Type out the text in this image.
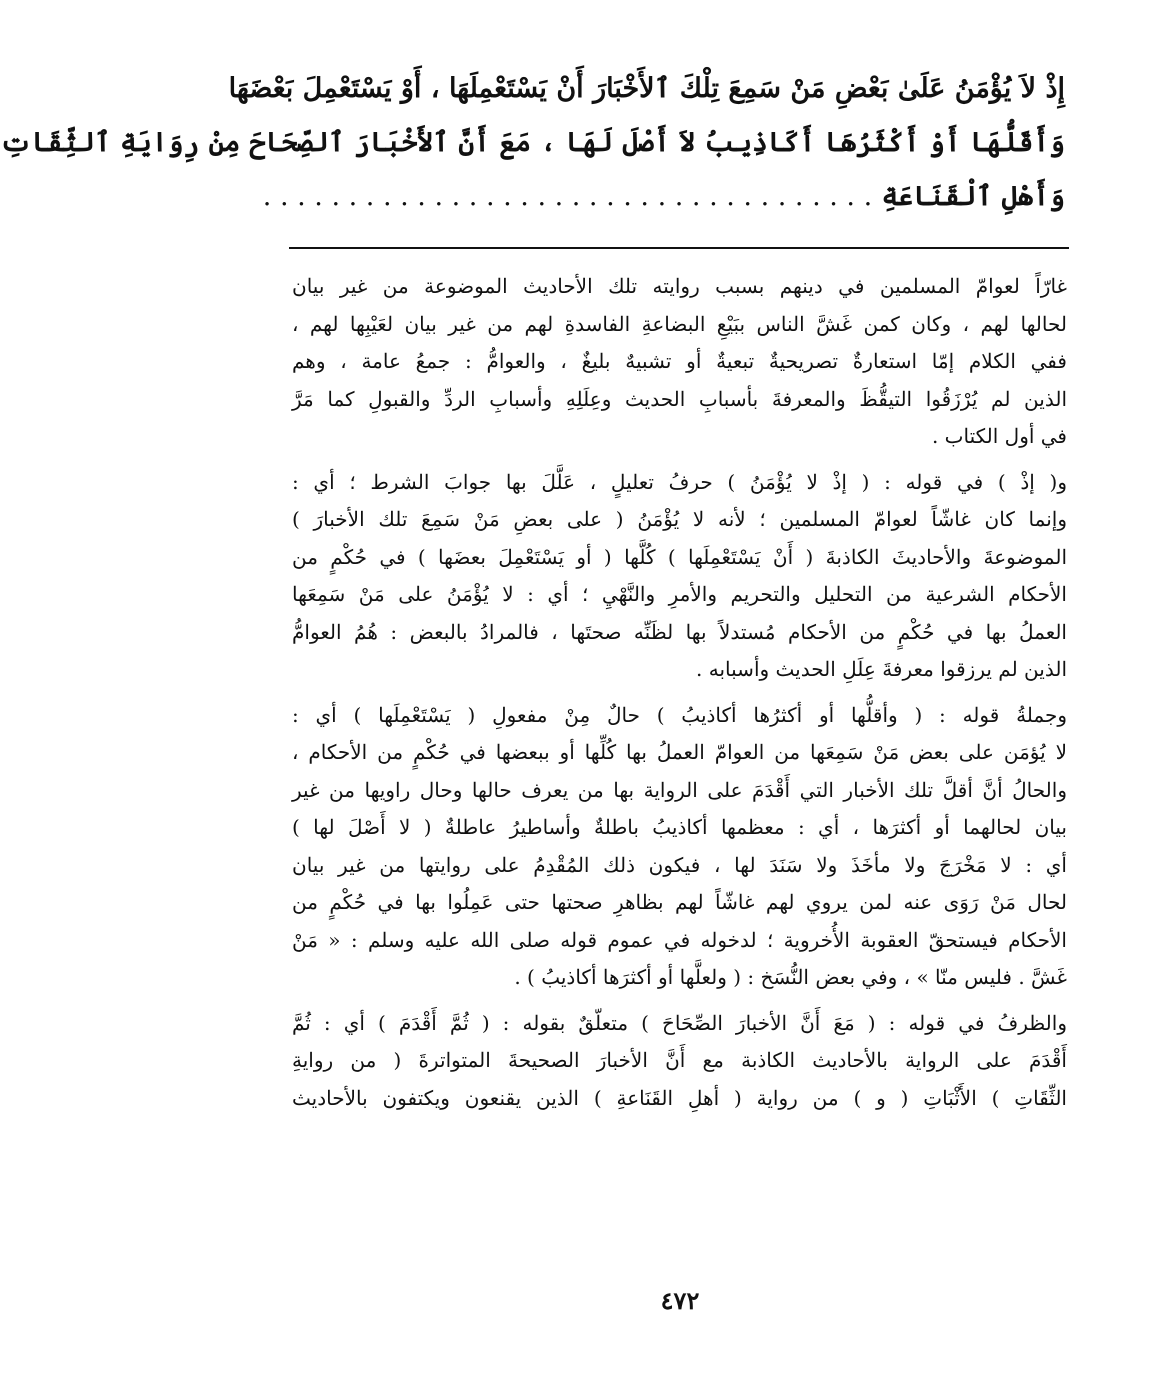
إِذْ لاَ يُؤْمَنُ عَلَىٰ بَعْضِ مَنْ سَمِعَ تِلْكَ ٱلأَخْبَارَ أَنْ يَسْتَعْمِلَهَا ، أَوْ يَسْتَعْمِلَ بَعْضَهَا
وَأَقَلُّهَا أَوْ أَكْثَرُهَا أَكَاذِيبُ لاَ أَصْلَ لَهَا ، مَعَ أَنَّ ٱلأَخْبَارَ ٱلصِّحَاحَ مِنْ رِوَايَةِ ٱلثِّقَاتِ
وَأَهْلِ ٱلْقَنَاعَةِ . . . . . . . . . . . . . . . . . . . . . . . . . . . . . . . . . . . .
غارّاً لعوامّ المسلمين في دينهم بسبب روايته تلك الأحاديث الموضوعة من غير بيان
لحالها لهم ، وكان كمن غَشَّ الناس ببَيْعِ البضاعةِ الفاسدةِ لهم من غير بيان لعَيْبِها لهم ،
ففي الكلام إمّا استعارةٌ تصريحيةٌ تبعيةٌ أو تشبيهٌ بليغٌ ، والعوامُّ : جمعُ عامة ، وهم
الذين لم يُرْزَقُوا التيقُّظَ والمعرفةَ بأسبابِ الحديث وعِلَلِهِ وأسبابِ الردِّ والقبولِ كما مَرَّ
في أول الكتاب .
و( إذْ ) في قوله : ( إذْ لا يُؤْمَنُ ) حرفُ تعليلٍ ، عَلَّلَ بها جوابَ الشرط ؛ أي :
وإنما كان غاشّاً لعوامّ المسلمين ؛ لأنه لا يُؤْمَنُ ( على بعضِ مَنْ سَمِعَ تلك الأخبارَ )
الموضوعةَ والأحاديثَ الكاذبةَ ( أَنْ يَسْتَعْمِلَها ) كُلَّها ( أو يَسْتَعْمِلَ بعضَها ) في حُكْمٍ من
الأحكام الشرعية من التحليل والتحريم والأمرِ والنَّهْيِ ؛ أي : لا يُؤْمَنُ على مَنْ سَمِعَها
العملُ بها في حُكْمٍ من الأحكام مُستدلاً بها لظَنِّه صحتَها ، فالمرادُ بالبعض : هُمُ العوامُّ
الذين لم يرزقوا معرفةَ عِلَلِ الحديث وأسبابه .
وجملةُ قوله : ( وأقلُّها أو أكثرُها أكاذيبُ ) حالٌ مِنْ مفعولِ ( يَسْتَعْمِلَها ) أي :
لا يُؤمَن على بعض مَنْ سَمِعَها من العوامّ العملُ بها كُلِّها أو ببعضها في حُكْمٍ من الأحكام ،
والحالُ أنَّ أقلَّ تلك الأخبار التي أَقْدَمَ على الرواية بها من يعرف حالها وحال راويها من غير
بيان لحالهما أو أكثرَها ، أي : معظمها أكاذيبُ باطلةٌ وأساطيرُ عاطلةٌ ( لا أَصْلَ لها )
أي : لا مَخْرَجَ ولا مأخَذَ ولا سَنَدَ لها ، فيكون ذلك المُقْدِمُ على روايتها من غير بيان
لحال مَنْ رَوَى عنه لمن يروي لهم غاشّاً لهم بظاهرِ صحتها حتى عَمِلُوا بها في حُكْمٍ من
الأحكام فيستحقّ العقوبة الأُخروية ؛ لدخوله في عموم قوله صلى الله عليه وسلم : « مَنْ
غَشَّ . فليس منّا » ، وفي بعض النُّسَخ : ( ولعلَّها أو أكثرَها أكاذيبُ ) .
والظرفُ في قوله : ( مَعَ أَنَّ الأخبارَ الصِّحَاحَ ) متعلّقٌ بقوله : ( ثُمَّ أَقْدَمَ ) أي : ثُمَّ
أَقْدَمَ على الرواية بالأحاديث الكاذبة مع أَنَّ الأخبارَ الصحيحةَ المتواترةَ ( من روايةِ
الثِّقَاتِ ) الأَثْبَاتِ ( و ) من رواية ( أهلِ القَنَاعةِ ) الذين يقنعون ويكتفون بالأحاديث
٤٧٢
